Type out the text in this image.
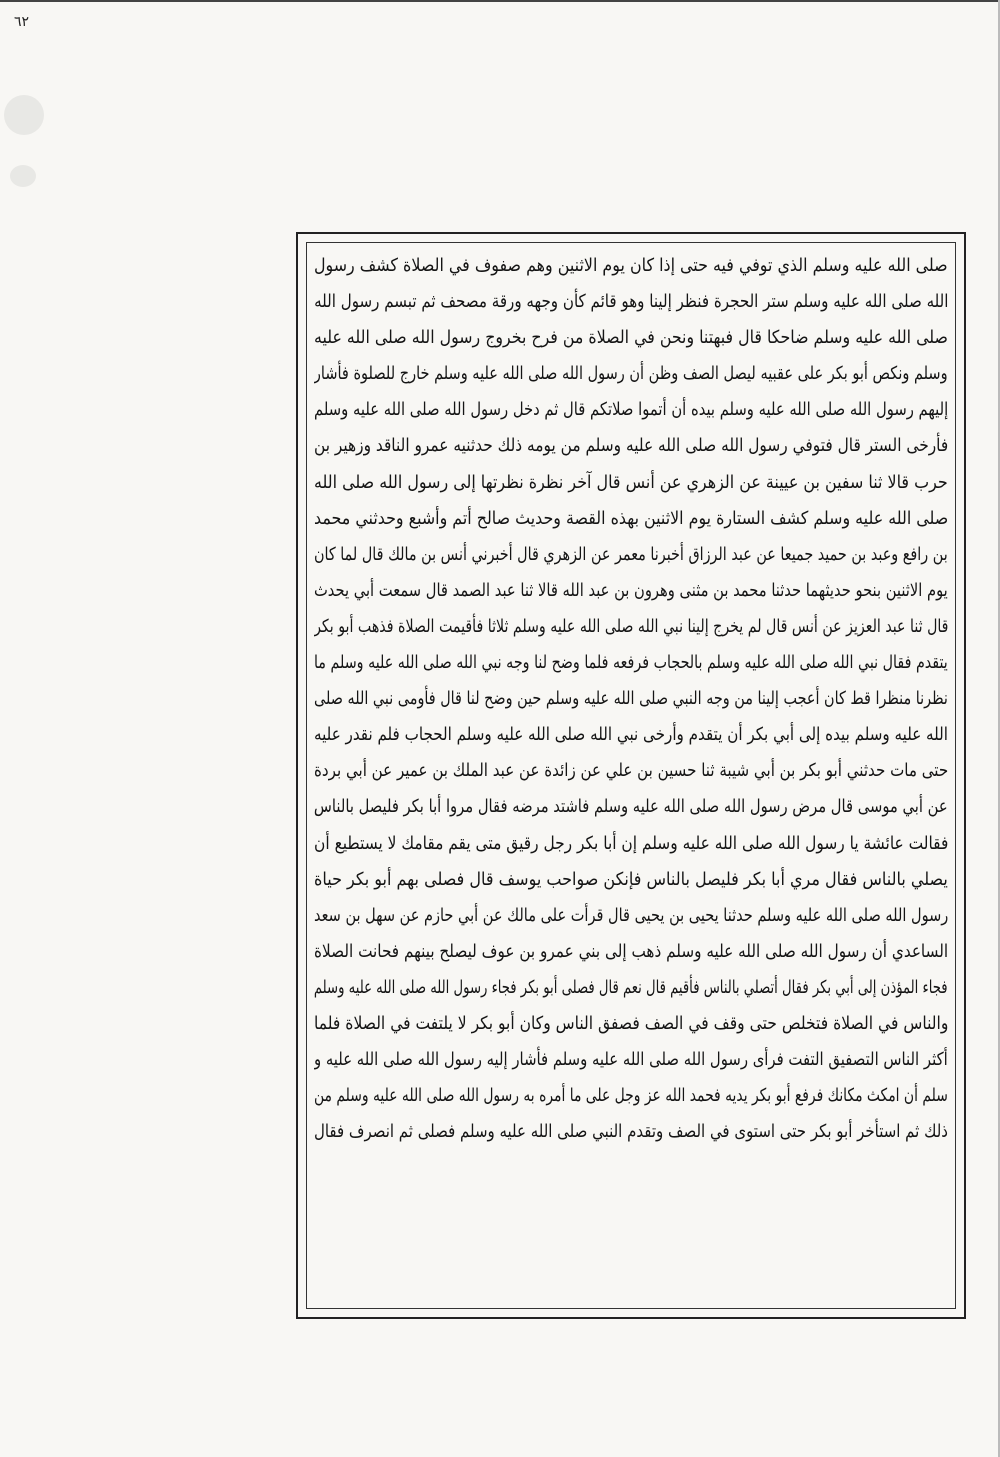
٦٢
صلى الله عليه وسلم الذي توفي فيه حتى إذا كان يوم الاثنين وهم صفوف في الصلاة كشف رسول
الله صلى الله عليه وسلم ستر الحجرة فنظر إلينا وهو قائم كأن وجهه ورقة مصحف ثم تبسم رسول الله
صلى الله عليه وسلم ضاحكا قال فبهتنا ونحن في الصلاة من فرح بخروج رسول الله صلى الله عليه
وسلم ونكص أبو بكر على عقبيه ليصل الصف وظن أن رسول الله صلى الله عليه وسلم خارج للصلوة فأشار
إليهم رسول الله صلى الله عليه وسلم بيده أن أتموا صلاتكم قال ثم دخل رسول الله صلى الله عليه وسلم
فأرخى الستر قال فتوفي رسول الله صلى الله عليه وسلم من يومه ذلك حدثنيه عمرو الناقد وزهير بن
حرب قالا ثنا سفين بن عيينة عن الزهري عن أنس قال آخر نظرة نظرتها إلى رسول الله صلى الله
صلى الله عليه وسلم كشف الستارة يوم الاثنين بهذه القصة وحديث صالح أتم وأشبع وحدثني محمد
بن رافع وعبد بن حميد جميعا عن عبد الرزاق أخبرنا معمر عن الزهري قال أخبرني أنس بن مالك قال لما كان
يوم الاثنين بنحو حديثهما حدثنا محمد بن مثنى وهرون بن عبد الله قالا ثنا عبد الصمد قال سمعت أبي يحدث
قال ثنا عبد العزيز عن أنس قال لم يخرج إلينا نبي الله صلى الله عليه وسلم ثلاثا فأقيمت الصلاة فذهب أبو بكر
يتقدم فقال نبي الله صلى الله عليه وسلم بالحجاب فرفعه فلما وضح لنا وجه نبي الله صلى الله عليه وسلم ما
نظرنا منظرا قط كان أعجب إلينا من وجه النبي صلى الله عليه وسلم حين وضح لنا قال فأومى نبي الله صلى
الله عليه وسلم بيده إلى أبي بكر أن يتقدم وأرخى نبي الله صلى الله عليه وسلم الحجاب فلم نقدر عليه
حتى مات حدثني أبو بكر بن أبي شيبة ثنا حسين بن علي عن زائدة عن عبد الملك بن عمير عن أبي بردة
عن أبي موسى قال مرض رسول الله صلى الله عليه وسلم فاشتد مرضه فقال مروا أبا بكر فليصل بالناس
فقالت عائشة يا رسول الله صلى الله عليه وسلم إن أبا بكر رجل رقيق متى يقم مقامك لا يستطيع أن
يصلي بالناس فقال مري أبا بكر فليصل بالناس فإنكن صواحب يوسف قال فصلى بهم أبو بكر حياة
رسول الله صلى الله عليه وسلم حدثنا يحيى بن يحيى قال قرأت على مالك عن أبي حازم عن سهل بن سعد
الساعدي أن رسول الله صلى الله عليه وسلم ذهب إلى بني عمرو بن عوف ليصلح بينهم فحانت الصلاة
فجاء المؤذن إلى أبي بكر فقال أتصلي بالناس فأقيم قال نعم قال فصلى أبو بكر فجاء رسول الله صلى الله عليه وسلم
والناس في الصلاة فتخلص حتى وقف في الصف فصفق الناس وكان أبو بكر لا يلتفت في الصلاة فلما
أكثر الناس التصفيق التفت فرأى رسول الله صلى الله عليه وسلم فأشار إليه رسول الله صلى الله عليه و
سلم أن امكث مكانك فرفع أبو بكر يديه فحمد الله عز وجل على ما أمره به رسول الله صلى الله عليه وسلم من
ذلك ثم استأخر أبو بكر حتى استوى في الصف وتقدم النبي صلى الله عليه وسلم فصلى ثم انصرف فقال
